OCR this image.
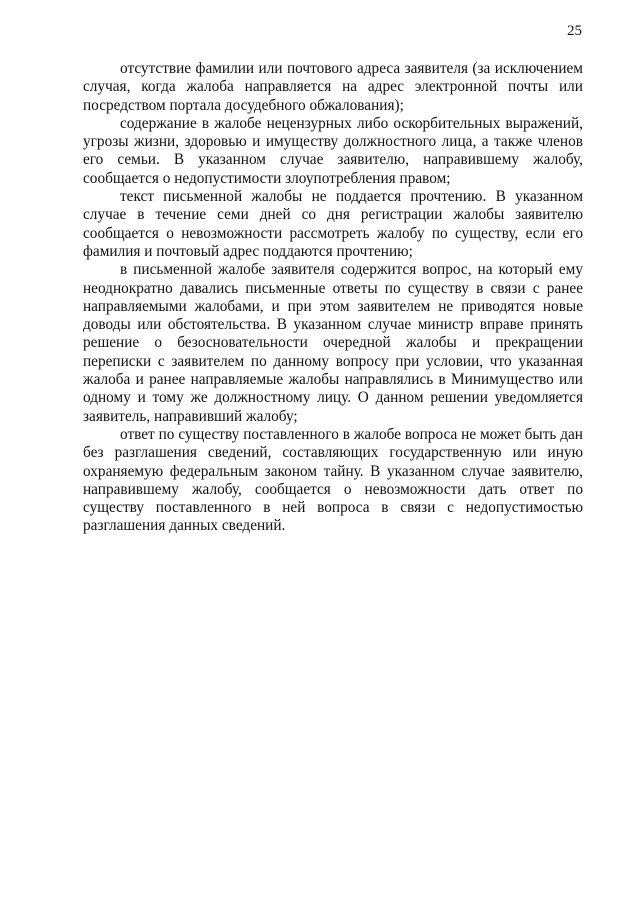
25

отсутствие фамилии или почтового адреса заявителя (за исключением случая, когда жалоба направляется на адрес электронной почты или посредством портала досудебного обжалования);

содержание в жалобе нецензурных либо оскорбительных выражений, угрозы жизни, здоровью и имуществу должностного лица, а также членов его семьи. В указанном случае заявителю, направившему жалобу, сообщается о недопустимости злоупотребления правом;

текст письменной жалобы не поддается прочтению. В указанном случае в течение семи дней со дня регистрации жалобы заявителю сообщается о невозможности рассмотреть жалобу по существу, если его фамилия и почтовый адрес поддаются прочтению;

в письменной жалобе заявителя содержится вопрос, на который ему неоднократно давались письменные ответы по существу в связи с ранее направляемыми жалобами, и при этом заявителем не приводятся новые доводы или обстоятельства. В указанном случае министр вправе принять решение о безосновательности очередной жалобы и прекращении переписки с заявителем по данному вопросу при условии, что указанная жалоба и ранее направляемые жалобы направлялись в Минимущество или одному и тому же должностному лицу. О данном решении уведомляется заявитель, направивший жалобу;

ответ по существу поставленного в жалобе вопроса не может быть дан без разглашения сведений, составляющих государственную или иную охраняемую федеральным законом тайну. В указанном случае заявителю, направившему жалобу, сообщается о невозможности дать ответ по существу поставленного в ней вопроса в связи с недопустимостью разглашения данных сведений.
